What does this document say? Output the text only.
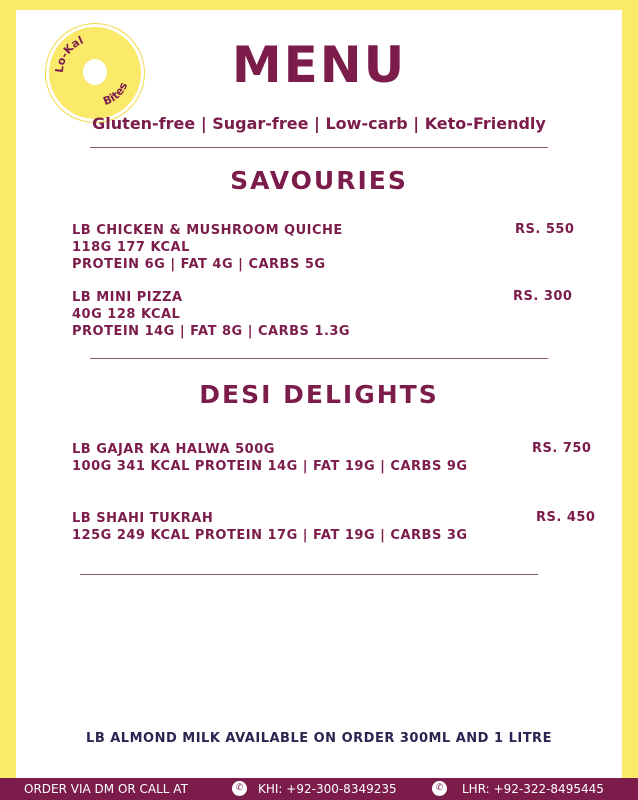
Lo-Kal
Bites	MENU
Gluten-free | Sugar-free | Low-carb | Keto-Friendly
SAVOURIES
LB CHICKEN & MUSHROOM QUICHE
118G 177 KCAL
PROTEIN 6G | FAT 4G | CARBS 5G
RS. 550
LB MINI PIZZA
40G 128 KCAL
PROTEIN 14G | FAT 8G | CARBS 1.3G
RS. 300
DESI DELIGHTS
LB GAJAR KA HALWA 500G
100G 341 KCAL PROTEIN 14G | FAT 19G | CARBS 9G
RS. 750
LB SHAHI TUKRAH
125G 249 KCAL PROTEIN 17G | FAT 19G | CARBS 3G
RS. 450
LB ALMOND MILK AVAILABLE ON ORDER 300ML AND 1 LITRE
ORDER VIA DM OR CALL AT	✆	KHI: +92-300-8349235	✆	LHR: +92-322-8495445
